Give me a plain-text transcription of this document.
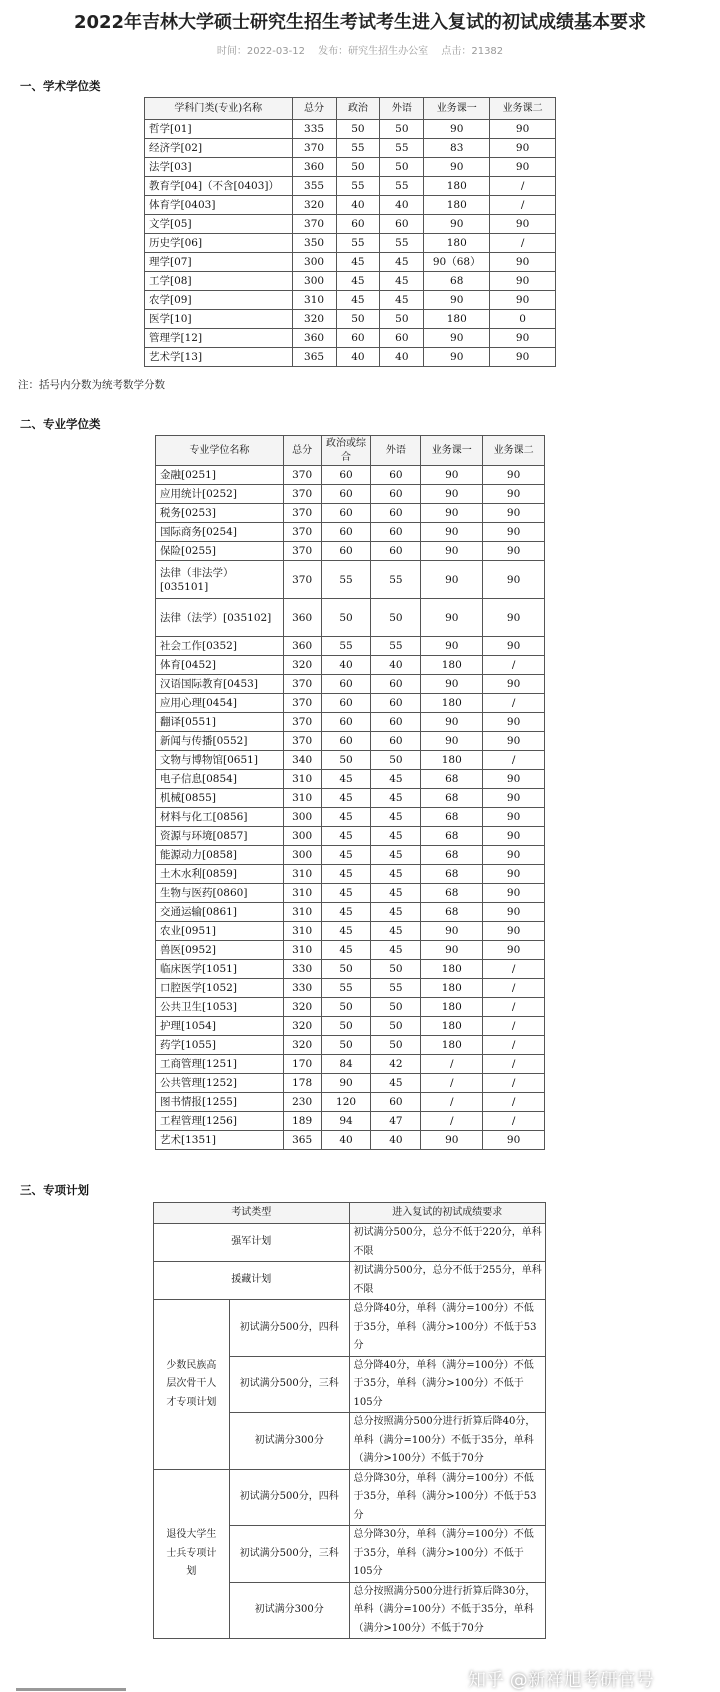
2022年吉林大学硕士研究生招生考试考生进入复试的初试成绩基本要求
时间：2022-03-12 发布：研究生招生办公室 点击：21382
一、学术学位类
学科门类(专业)名称	总分	政治	外语	业务课一	业务课二
哲学[01]	335	50	50	90	90
经济学[02]	370	55	55	83	90
法学[03]	360	50	50	90	90
教育学[04]（不含[0403]）	355	55	55	180	/
体育学[0403]	320	40	40	180	/
文学[05]	370	60	60	90	90
历史学[06]	350	55	55	180	/
理学[07]	300	45	45	90（68）	90
工学[08]	300	45	45	68	90
农学[09]	310	45	45	90	90
医学[10]	320	50	50	180	0
管理学[12]	360	60	60	90	90
艺术学[13]	365	40	40	90	90
注：括号内分数为统考数学分数
二、专业学位类
专业学位名称	总分	政治或综合	外语	业务课一	业务课二
金融[0251]	370	60	60	90	90
应用统计[0252]	370	60	60	90	90
税务[0253]	370	60	60	90	90
国际商务[0254]	370	60	60	90	90
保险[0255]	370	60	60	90	90
法律（非法学）[035101]	370	55	55	90	90
法律（法学）[035102]	360	50	50	90	90
社会工作[0352]	360	55	55	90	90
体育[0452]	320	40	40	180	/
汉语国际教育[0453]	370	60	60	90	90
应用心理[0454]	370	60	60	180	/
翻译[0551]	370	60	60	90	90
新闻与传播[0552]	370	60	60	90	90
文物与博物馆[0651]	340	50	50	180	/
电子信息[0854]	310	45	45	68	90
机械[0855]	310	45	45	68	90
材料与化工[0856]	300	45	45	68	90
资源与环境[0857]	300	45	45	68	90
能源动力[0858]	300	45	45	68	90
土木水利[0859]	310	45	45	68	90
生物与医药[0860]	310	45	45	68	90
交通运输[0861]	310	45	45	68	90
农业[0951]	310	45	45	90	90
兽医[0952]	310	45	45	90	90
临床医学[1051]	330	50	50	180	/
口腔医学[1052]	330	55	55	180	/
公共卫生[1053]	320	50	50	180	/
护理[1054]	320	50	50	180	/
药学[1055]	320	50	50	180	/
工商管理[1251]	170	84	42	/	/
公共管理[1252]	178	90	45	/	/
图书情报[1255]	230	120	60	/	/
工程管理[1256]	189	94	47	/	/
艺术[1351]	365	40	40	90	90
三、专项计划
考试类型		进入复试的初试成绩要求
强军计划		初试满分500分，总分不低于220分，单科不限
援藏计划		初试满分500分，总分不低于255分，单科不限
少数民族高层次骨干人才专项计划	初试满分500分，四科	总分降40分，单科（满分=100分）不低于35分，单科（满分>100分）不低于53分
	初试满分500分，三科	总分降40分，单科（满分=100分）不低于35分，单科（满分>100分）不低于105分
	初试满分300分	总分按照满分500分进行折算后降40分，单科（满分=100分）不低于35分，单科（满分>100分）不低于70分
退役大学生士兵专项计划	初试满分500分，四科	总分降30分，单科（满分=100分）不低于35分，单科（满分>100分）不低于53分
	初试满分500分，三科	总分降30分，单科（满分=100分）不低于35分，单科（满分>100分）不低于105分
	初试满分300分	总分按照满分500分进行折算后降30分，单科（满分=100分）不低于35分，单科（满分>100分）不低于70分
知乎 @新祥旭考研官号
